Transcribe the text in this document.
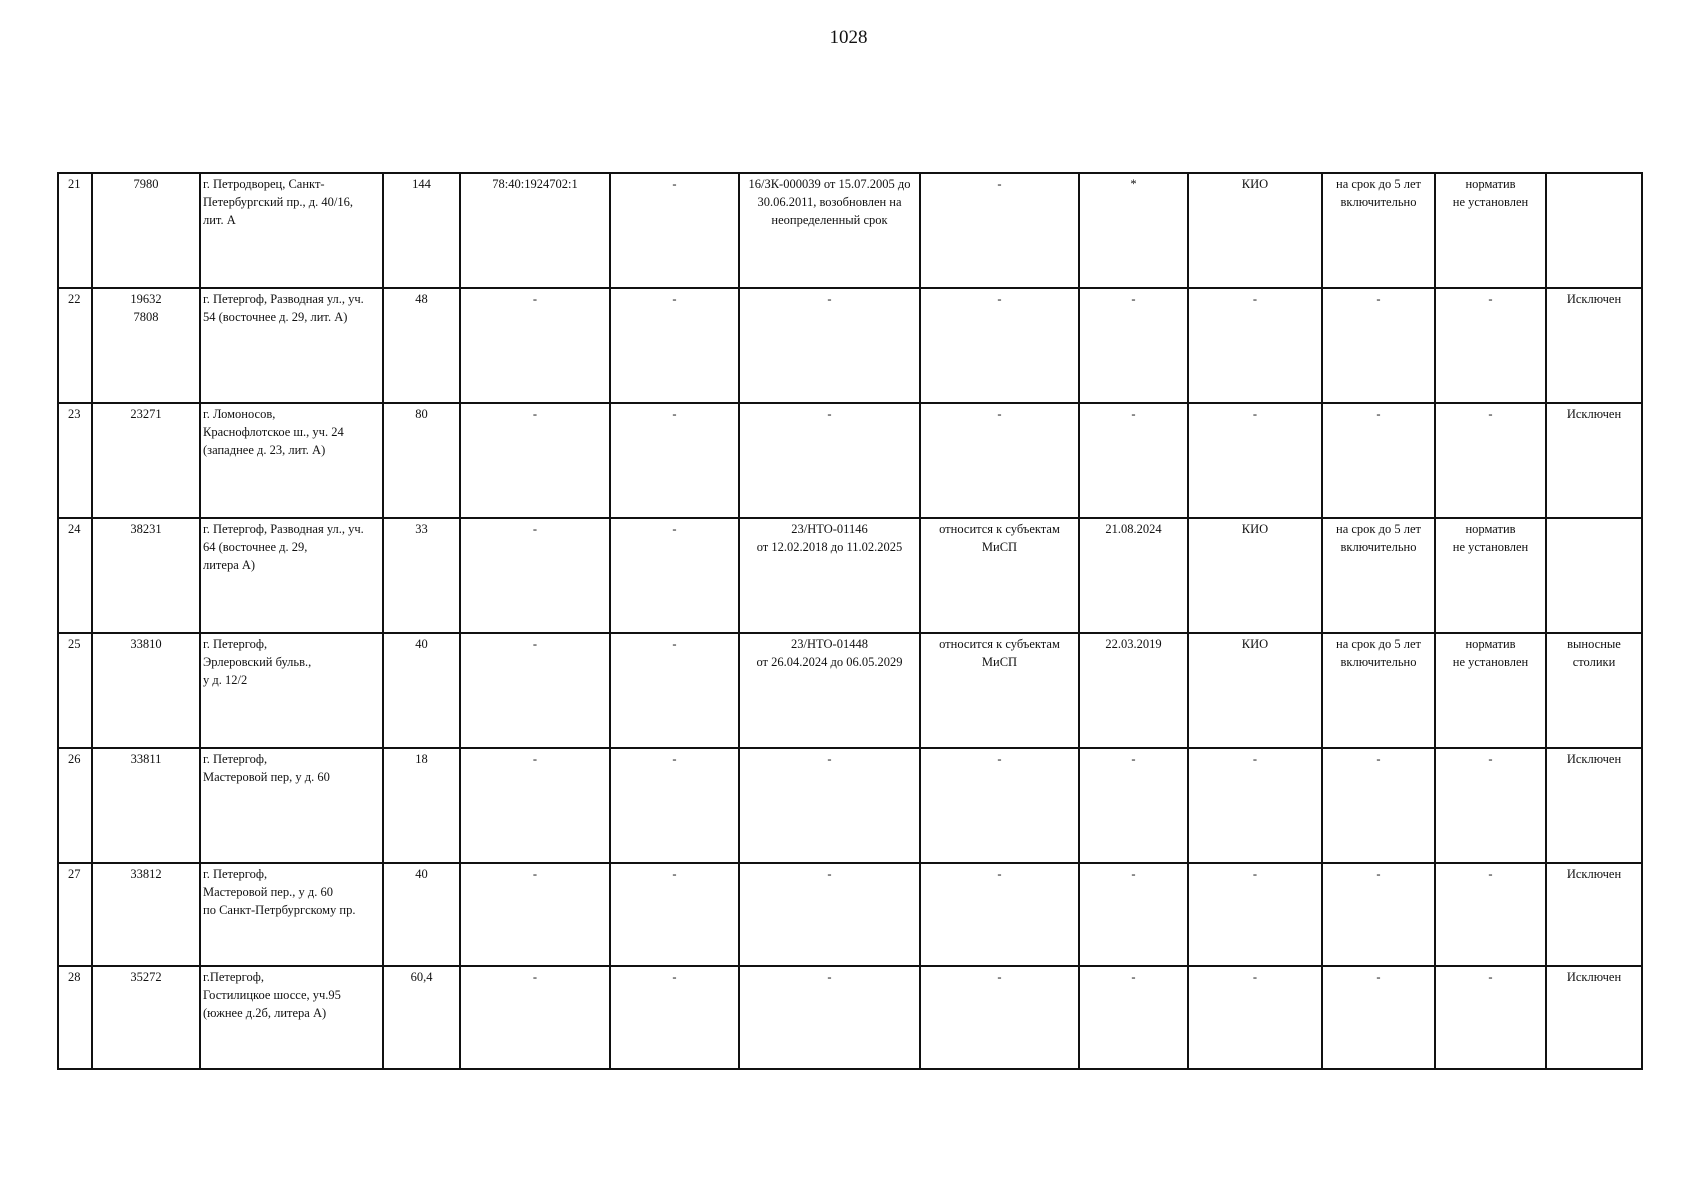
1028
21	7980	г. Петродворец, Санкт-
Петербургский пр., д. 40/16,
лит. А	144	78:40:1924702:1	-	16/ЗК-000039 от 15.07.2005 до
30.06.2011, возобновлен на
неопределенный срок	-	*	КИО	на срок до 5 лет
включительно	норматив
не установлен	

22	19632
7808	г. Петергоф, Разводная ул., уч.
54 (восточнее д. 29, лит. А)	48	-	-	-	-	-	-	-	-	Исключен

23	23271	г. Ломоносов,
Краснофлотское ш., уч. 24
(западнее д. 23, лит. А)	80	-	-	-	-	-	-	-	-	Исключен

24	38231	г. Петергоф, Разводная ул., уч.
64 (восточнее д. 29,
литера А)	33	-	-	23/НТО-01146
от 12.02.2018 до 11.02.2025	относится к субъектам
МиСП	21.08.2024	КИО	на срок до 5 лет
включительно	норматив
не установлен	

25	33810	г. Петергоф,
Эрлеровский бульв.,
у д. 12/2	40	-	-	23/НТО-01448
от 26.04.2024 до 06.05.2029	относится к субъектам
МиСП	22.03.2019	КИО	на срок до 5 лет
включительно	норматив
не установлен	выносные
столики

26	33811	г. Петергоф,
Мастеровой пер, у д. 60	18	-	-	-	-	-	-	-	-	Исключен

27	33812	г. Петергоф,
Мастеровой пер., у д. 60
по Санкт-Петрбургскому пр.	40	-	-	-	-	-	-	-	-	Исключен

28	35272	г.Петергоф,
Гостилицкое шоссе, уч.95
(южнее д.2б, литера А)	60,4	-	-	-	-	-	-	-	-	Исключен
